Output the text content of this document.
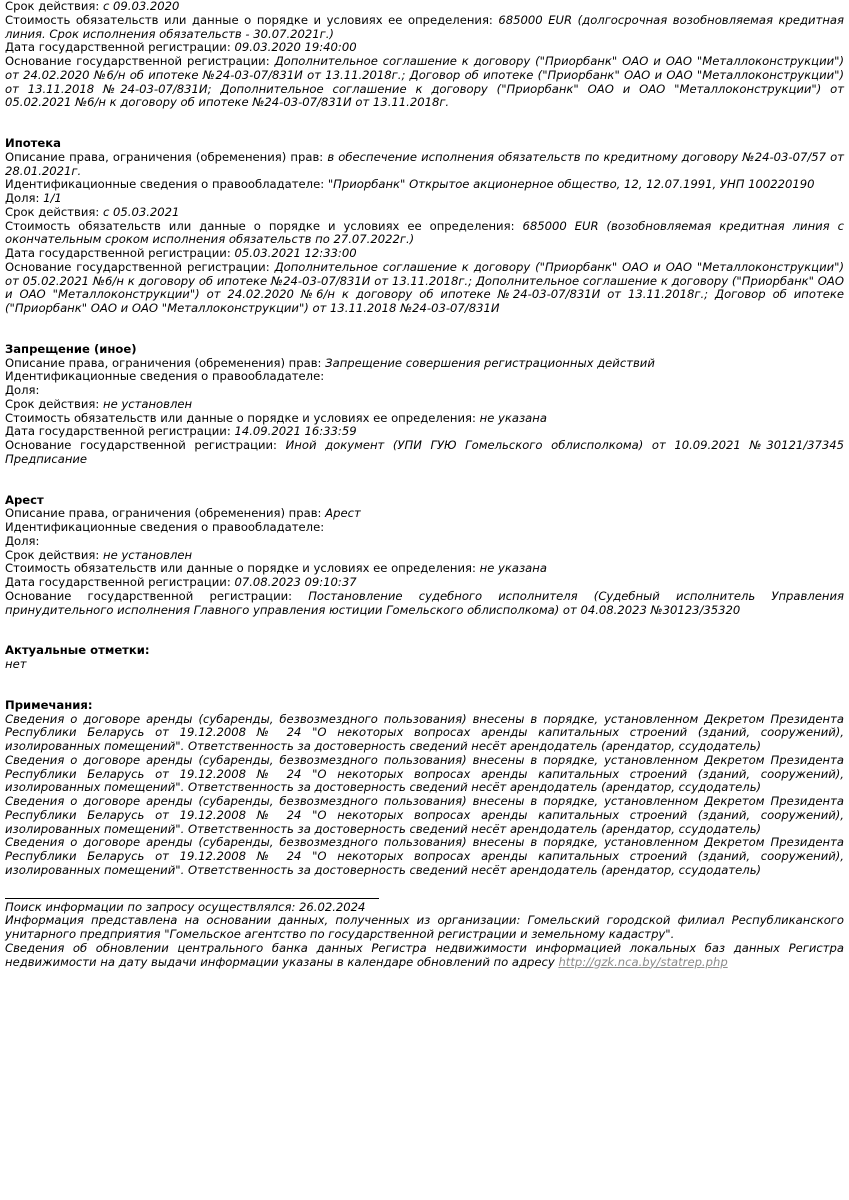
Срок действия: с 09.03.2020
Стоимость обязательств или данные о порядке и условиях ее определения: 685000 EUR (долгосрочная возобновляемая кредитная линия. Срок исполнения обязательств - 30.07.2021г.)
Дата государственной регистрации: 09.03.2020 19:40:00
Основание государственной регистрации: Дополнительное соглашение к договору ("Приорбанк" ОАО и ОАО "Металлоконструкции") от 24.02.2020 №6/н об ипотеке №24-03-07/831И от 13.11.2018г.; Договор об ипотеке ("Приорбанк" ОАО и ОАО "Металлоконструкции") от 13.11.2018 №24-03-07/831И; Дополнительное соглашение к договору ("Приорбанк" ОАО и ОАО "Металлоконструкции") от 05.02.2021 №6/н к договору об ипотеке №24-03-07/831И от 13.11.2018г.
Ипотека
Описание права, ограничения (обременения) прав: в обеспечение исполнения обязательств по кредитному договору №24-03-07/57 от 28.01.2021г.
Идентификационные сведения о правообладателе: "Приорбанк" Открытое акционерное общество, 12, 12.07.1991, УНП 100220190
Доля: 1/1
Срок действия: с 05.03.2021
Стоимость обязательств или данные о порядке и условиях ее определения: 685000 EUR (возобновляемая кредитная линия с окончательным сроком исполнения обязательств по 27.07.2022г.)
Дата государственной регистрации: 05.03.2021 12:33:00
Основание государственной регистрации: Дополнительное соглашение к договору ("Приорбанк" ОАО и ОАО "Металлоконструкции") от 05.02.2021 №6/н к договору об ипотеке №24-03-07/831И от 13.11.2018г.; Дополнительное соглашение к договору ("Приорбанк" ОАО и ОАО "Металлоконструкции") от 24.02.2020 №6/н к договору об ипотеке №24-03-07/831И от 13.11.2018г.; Договор об ипотеке ("Приорбанк" ОАО и ОАО "Металлоконструкции") от 13.11.2018 №24-03-07/831И
Запрещение (иное)
Описание права, ограничения (обременения) прав: Запрещение совершения регистрационных действий
Идентификационные сведения о правообладателе:
Доля:
Срок действия: не установлен
Стоимость обязательств или данные о порядке и условиях ее определения: не указана
Дата государственной регистрации: 14.09.2021 16:33:59
Основание государственной регистрации: Иной документ (УПИ ГУЮ Гомельского облисполкома) от 10.09.2021 №30121/37345 Предписание
Арест
Описание права, ограничения (обременения) прав: Арест
Идентификационные сведения о правообладателе:
Доля:
Срок действия: не установлен
Стоимость обязательств или данные о порядке и условиях ее определения: не указана
Дата государственной регистрации: 07.08.2023 09:10:37
Основание государственной регистрации: Постановление судебного исполнителя (Судебный исполнитель Управления принудительного исполнения Главного управления юстиции Гомельского облисполкома) от 04.08.2023 №30123/35320
Актуальные отметки:
нет
Примечания:
Сведения о договоре аренды (субаренды, безвозмездного пользования) внесены в порядке, установленном Декретом Президента Республики Беларусь от 19.12.2008 № 24 "О некоторых вопросах аренды капитальных строений (зданий, сооружений), изолированных помещений". Ответственность за достоверность сведений несёт арендодатель (арендатор, ссудодатель)
Сведения о договоре аренды (субаренды, безвозмездного пользования) внесены в порядке, установленном Декретом Президента Республики Беларусь от 19.12.2008 № 24 "О некоторых вопросах аренды капитальных строений (зданий, сооружений), изолированных помещений". Ответственность за достоверность сведений несёт арендодатель (арендатор, ссудодатель)
Сведения о договоре аренды (субаренды, безвозмездного пользования) внесены в порядке, установленном Декретом Президента Республики Беларусь от 19.12.2008 № 24 "О некоторых вопросах аренды капитальных строений (зданий, сооружений), изолированных помещений". Ответственность за достоверность сведений несёт арендодатель (арендатор, ссудодатель)
Сведения о договоре аренды (субаренды, безвозмездного пользования) внесены в порядке, установленном Декретом Президента Республики Беларусь от 19.12.2008 № 24 "О некоторых вопросах аренды капитальных строений (зданий, сооружений), изолированных помещений". Ответственность за достоверность сведений несёт арендодатель (арендатор, ссудодатель)
Поиск информации по запросу осуществлялся: 26.02.2024
Информация представлена на основании данных, полученных из организации: Гомельский городской филиал Республиканского унитарного предприятия "Гомельское агентство по государственной регистрации и земельному кадастру".
Сведения об обновлении центрального банка данных Регистра недвижимости информацией локальных баз данных Регистра недвижимости на дату выдачи информации указаны в календаре обновлений по адресу http://gzk.nca.by/statrep.php
